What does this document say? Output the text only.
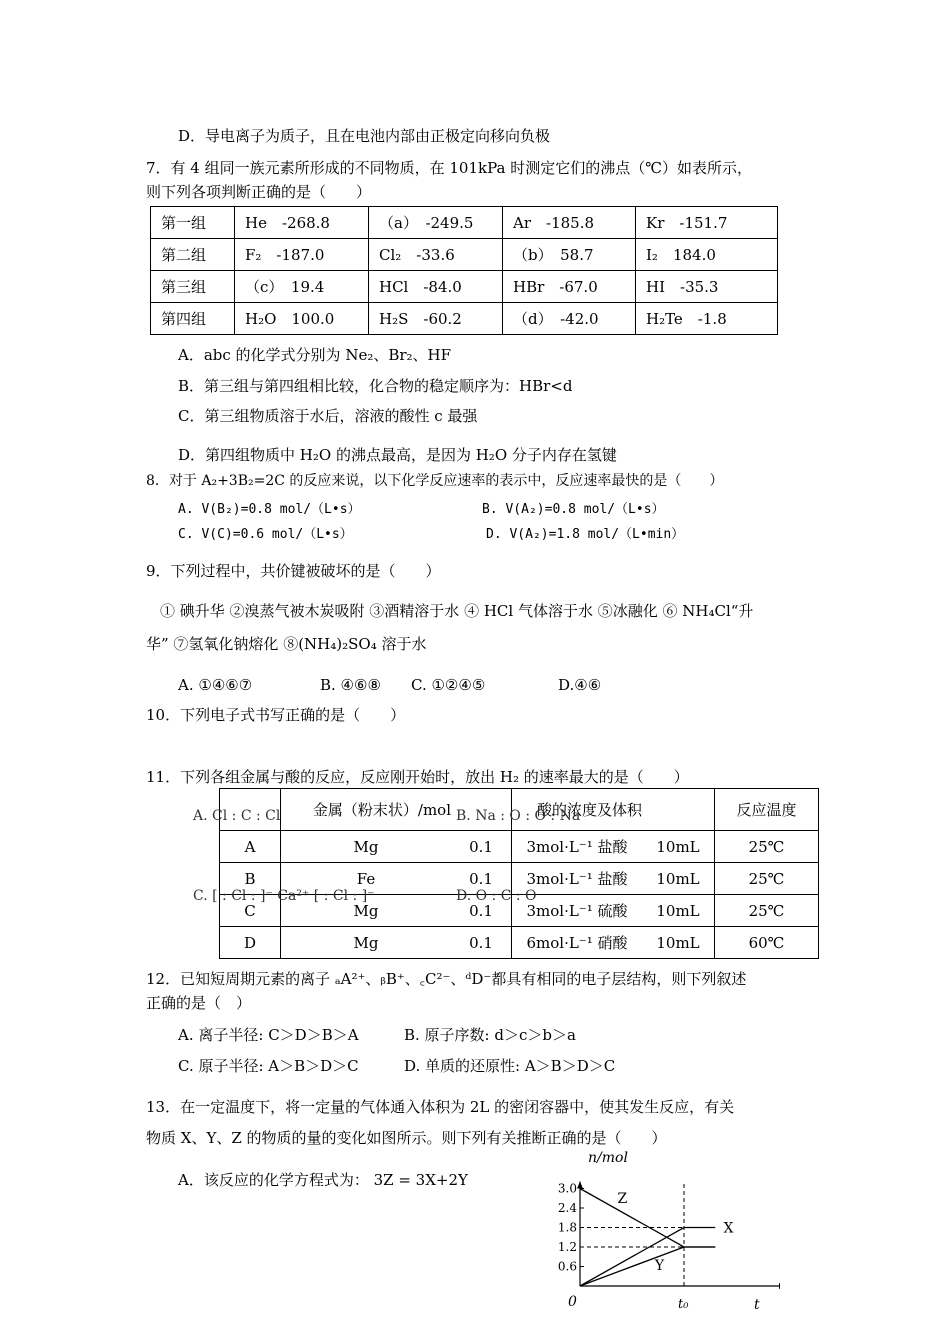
D．导电离子为质子，且在电池内部由正极定向移向负极
7．有 4 组同一族元素所形成的不同物质，在 101kPa 时测定它们的沸点（℃）如表所示，
则下列各项判断正确的是（　　）
第一组	He　-268.8	（a）　-249.5	Ar　-185.8	Kr　-151.7
第二组	F₂　-187.0	Cl₂　-33.6	（b）　58.7	I₂　184.0
第三组	（c）　19.4	HCl　-84.0	HBr　-67.0	HI　-35.3
第四组	H₂O　100.0	H₂S　-60.2	（d）　-42.0	H₂Te　-1.8
A．abc 的化学式分别为 Ne₂、Br₂、HF
B．第三组与第四组相比较，化合物的稳定顺序为：HBr<d
C．第三组物质溶于水后，溶液的酸性 c 最强
D．第四组物质中 H₂O 的沸点最高，是因为 H₂O 分子内存在氢键
8．对于 A₂+3B₂=2C 的反应来说，以下化学反应速率的表示中，反应速率最快的是（　　）
A. V(B₂)=0.8 mol/（L•s）	B. V(A₂)=0.8 mol/（L•s）
C. V(C)=0.6 mol/（L•s）	D. V(A₂)=1.8 mol/（L•min）
9．下列过程中，共价键被破坏的是（　　）
① 碘升华 ②溴蒸气被木炭吸附 ③酒精溶于水 ④ HCl 气体溶于水 ⑤冰融化 ⑥ NH₄Cl“升
华” ⑦氢氧化钠熔化 ⑧(NH₄)₂SO₄ 溶于水
A. ①④⑥⑦	B. ④⑥⑧ C. ①②④⑤	D.④⑥
10．下列电子式书写正确的是（　　）
11．下列各组金属与酸的反应，反应刚开始时，放出 H₂ 的速率最大的是（　　）
	金属（粉末状）/mol		酸的浓度及体积		反应温度
A	Mg	0.1	3mol·L⁻¹ 盐酸	10mL	25℃
B	Fe	0.1	3mol·L⁻¹ 盐酸	10mL	25℃
C	Mg	0.1	3mol·L⁻¹ 硫酸	10mL	25℃
D	Mg	0.1	6mol·L⁻¹ 硝酸	10mL	60℃
A. Cl : C : Cl	B. Na : O : O : Na
C. [ : Cl : ]⁻ Ca²⁺ [ : Cl : ]⁻	D. O : C : O
12．已知短周期元素的离子 ₐA²⁺、ᵦB⁺、꜀C²⁻、ᵈD⁻都具有相同的电子层结构，则下列叙述
正确的是（　）
A. 离子半径: C＞D＞B＞A	B. 原子序数: d＞c＞b＞a
C. 原子半径: A＞B＞D＞C	D. 单质的还原性: A＞B＞D＞C
13．在一定温度下，将一定量的气体通入体积为 2L 的密闭容器中，使其发生反应，有关
物质 X、Y、Z 的物质的量的变化如图所示。则下列有关推断正确的是（　　）
A．该反应的化学方程式为： 3Z = 3X+2Y
0.6
1.2
1.8
2.4
3.0
Z
X
Y
n/mol
t
0	t₀
